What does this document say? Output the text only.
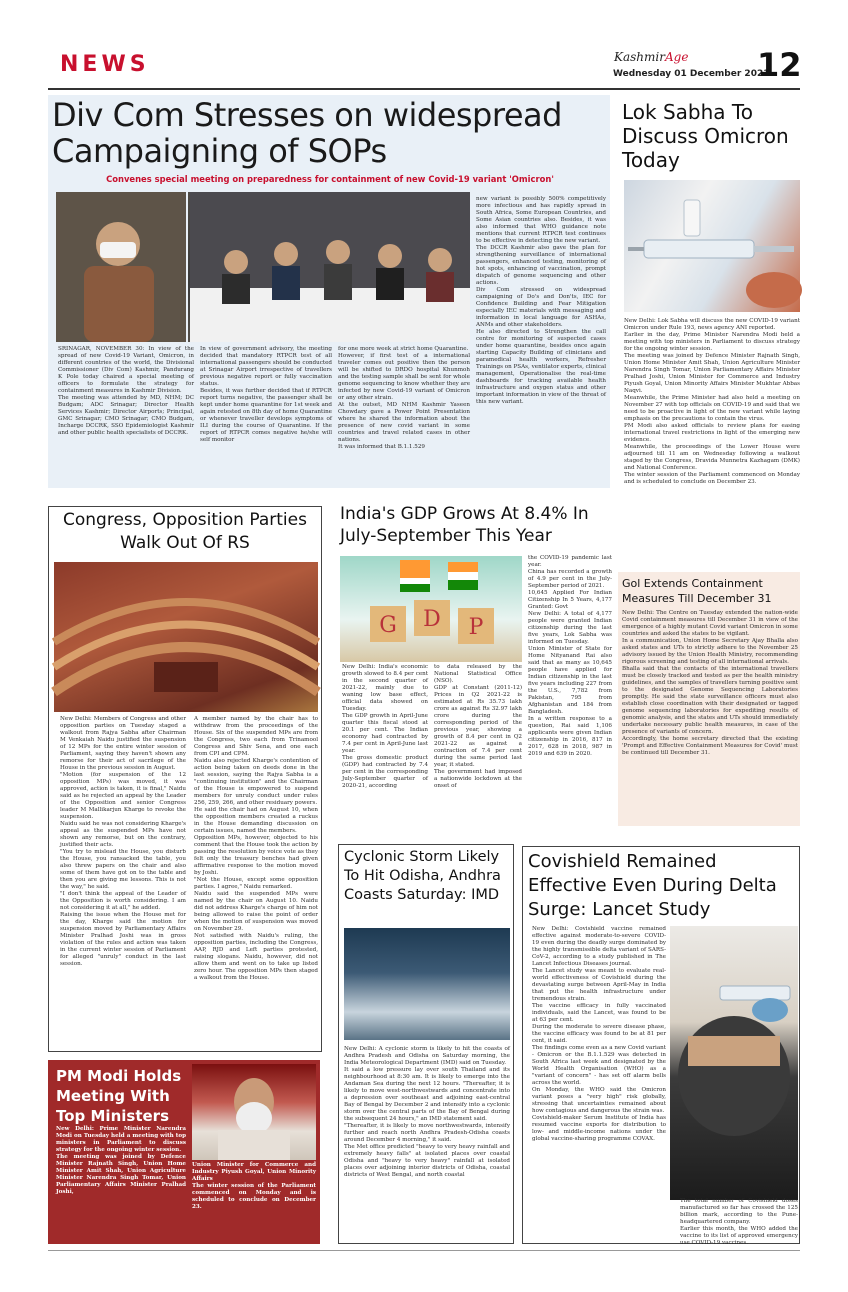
NEWS	KashmirAge
Wednesday 01 December 2021
12
Div Com Stresses on widespread Campaigning of SOPs
Convenes special meeting on preparedness for containment of new Covid-19 variant 'Omicron'
SRINAGAR, NOVEMBER 30: In view of the spread of new Covid-19 Variant, Omicron, in different countries of the world, the Divisional Commissioner (Div Com) Kashmir, Pandurang K Pole today chaired a special meeting of officers to formulate the strategy for containment measures in Kashmir Division.
The meeting was attended by MD, NHM; DC Budgam; ADC Srinagar; Director Health Services Kashmir; Director Airports; Principal, GMC Srinagar; CMO Srinagar; CMO Budgam, Incharge DCCRK, SSO Epidemiologist Kashmir and other public health specialists of DCCRK.
In view of government advisory, the meeting decided that mandatory RTPCR test of all international passengers should be conducted at Srinagar Airport irrespective of travellers previous negative report or fully vaccination status.
Besides, it was further decided that if RTPCR report turns negative, the passenger shall be kept under home quarantine for 1st week and again retested on 8th day of home Quarantine or whenever traveller develops symptoms of ILI during the course of Quarantine. If the report of RTPCR comes negative he/she will self monitor
for one more week at strict home Quarantine.
However, if first test of a international traveler comes out positive then the person will be shifted to DRDO hospital Khunmoh and the testing sample shall be sent for whole genome sequencing to know whether they are infected by new Covid-19 variant of Omicron or any other strain.
At the outset, MD NHM Kashmir Yaseen Chowdary gave a Power Point Presentation where he shared the information about the presence of new covid variant in some countries and travel related cases in other nations.
It was informed that B.1.1.529
new variant is possibly 500% competitively more infectious and has rapidly spread in South Africa, Some European Countries, and Some Asian countries also. Besides, it was also informed that WHO guidance note mentions that current RTPCR test continues to be effective in detecting the new variant.
The DCCR Kashmir also gave the plan for strengthening surveillance of international passengers, enhanced testing, monitoring of hot spots, enhancing of vaccination, prompt dispatch of genome sequencing and other actions.
Div Com stressed on widespread campaigning of Do's and Don'ts, IEC for Confidence Building and Fear Mitigation especially IEC materials with messaging and information in local language for ASHAs, ANMs and other stakeholders.
He also directed to Strengthen the call centre for monitoring of suspected cases under home quarantine, besides once again starting Capacity Building of clinicians and paramedical health workers, Refresher Trainings on PSAs, ventilator experts, clinical management, Operationalise the real-time dashboards for tracking available health infrastructure and oxygen status and other important information in view of the threat of this new variant.
Lok Sabha To Discuss Omicron Today
New Delhi: Lok Sabha will discuss the new COVID-19 variant Omicron under Rule 193, news agency ANI reported.
Earlier in the day, Prime Minister Narendra Modi held a meeting with top ministers in Parliament to discuss strategy for the ongoing winter session.
The meeting was joined by Defence Minister Rajnath Singh, Union Home Minister Amit Shah, Union Agriculture Minister Narendra Singh Tomar, Union Parliamentary Affairs Minister Pralhad Joshi, Union Minister for Commerce and Industry Piyush Goyal, Union Minority Affairs Minister Mukhtar Abbas Naqvi.
Meanwhile, the Prime Minister had also held a meeting on November 27 with top officials on COVID-19 and said that we need to be proactive in light of the new variant while laying emphasis on the precautions to contain the virus.
PM Modi also asked officials to review plans for easing international travel restrictions in light of the emerging new evidence.
Meanwhile, the proceedings of the Lower House were adjourned till 11 am on Wednesday following a walkout staged by the Congress, Dravida Munnetra Kazhagam (DMK) and National Conference.
The winter session of the Parliament commenced on Monday and is scheduled to conclude on December 23.
Congress, Opposition Parties Walk Out Of RS
New Delhi: Members of Congress and other opposition parties on Tuesday staged a walkout from Rajya Sabha after Chairman M Venkaiah Naidu justified the suspension of 12 MPs for the entire winter session of Parliament, saying they haven't shown any remorse for their act of sacrilege of the House in the previous session in August.
"Motion (for suspension of the 12 opposition MPs) was moved, it was approved, action is taken, it is final," Naidu said as he rejected an appeal by the Leader of the Opposition and senior Congress leader M Mallikarjun Kharge to revoke the suspension.
Naidu said he was not considering Kharge's appeal as the suspended MPs have not shown any remorse, but on the contrary, justified their acts.
"You try to mislead the House, you disturb the House, you ransacked the table, you also threw papers on the chair and also some of them have got on to the table and then you are giving me lessons. This is not the way," he said.
"I don't think the appeal of the Leader of the Opposition is worth considering. I am not considering it at all," he added.
Raising the issue when the House met for the day, Kharge said the motion for suspension moved by Parliamentary Affairs Minister Pralhad Joshi was in gross violation of the rules and action was taken in the current winter session of Parliament for alleged "unruly" conduct in the last session.
A member named by the chair has to withdraw from the proceedings of the House. Six of the suspended MPs are from the Congress, two each from Trinamool Congress and Shiv Sena, and one each from CPI and CPM.
Naidu also rejected Kharge's contention of action being taken on deeds done in the last session, saying the Rajya Sabha is a "continuing institution" and the Chairman of the House is empowered to suspend members for unruly conduct under rules 256, 259, 266, and other residuary powers.
He said the chair had on August 10, when the opposition members created a ruckus in the House demanding discussion on certain issues, named the members.
Opposition MPs, however, objected to his comment that the House took the action by passing the resolution by voice vote as they felt only the treasury benches had given affirmative response to the motion moved by Joshi.
"Not the House, except some opposition parties. I agree," Naidu remarked.
Naidu said the suspended MPs were named by the chair on August 10. Naidu did not address Kharge's charge of him not being allowed to raise the point of order when the motion of suspension was moved on November 29.
Not satisfied with Naidu's ruling, the opposition parties, including the Congress, AAP, RJD and Left parties protested, raising slogans. Naidu, however, did not allow them and went on to take up listed zero hour. The opposition MPs then staged a walkout from the House.
India's GDP Grows At 8.4% In July-September This Year
G D P
New Delhi: India's economic growth slowed to 8.4 per cent in the second quarter of 2021-22, mainly due to waning low base effect, official data showed on Tuesday.
The GDP growth in April-June quarter this fiscal stood at 20.1 per cent. The Indian economy had contracted by 7.4 per cent in April-June last year.
The gross domestic product (GDP) had contracted by 7.4 per cent in the corresponding July-September quarter of 2020-21, according
to data released by the National Statistical Office (NSO).
GDP at Constant (2011-12) Prices in Q2 2021-22 is estimated at Rs 35.73 lakh crore as against Rs 32.97 lakh crore during the corresponding period of the previous year, showing a growth of 8.4 per cent in Q2 2021-22 as against a contraction of 7.4 per cent during the same period last year, it stated.
The government had imposed a nationwide lockdown at the onset of
the COVID-19 pandemic last year.
China has recorded a growth of 4.9 per cent in the July-September period of 2021.
10,645 Applied For Indian Citizenship In 5 Years, 4,177 Granted: Govt
New Delhi: A total of 4,177 people were granted Indian citizenship during the last five years, Lok Sabha was informed on Tuesday.
Union Minister of State for Home Nityanand Rai also said that as many as 10,645 people have applied for Indian citizenship in the last five years including 227 from the U.S., 7,782 from Pakistan, 795 from Afghanistan and 184 from Bangladesh.
In a written response to a question, Rai said 1,106 applicants were given Indian citizenship in 2016, 817 in 2017, 628 in 2018, 987 in 2019 and 639 in 2020.
Gol Extends Containment Measures Till December 31
New Delhi: The Centre on Tuesday extended the nation-wide Covid containment measures till December 31 in view of the emergence of a highly mutant Covid variant Omicron in some countries and asked the states to be vigilant.
In a communication, Union Home Secretary Ajay Bhalla also asked states and UTs to strictly adhere to the November 25 advisory issued by the Union Health Ministry, recommending rigorous screening and testing of all international arrivals.
Bhalla said that the contacts of the international travellers must be closely tracked and tested as per the health ministry guidelines, and the samples of travellers turning positive sent to the designated Genome Sequencing Laboratories promptly. He said the state surveillance officers must also establish close coordination with their designated or tagged genome sequencing laboratories for expediting results of genomic analysis, and the states and UTs should immediately undertake necessary public health measures, in case of the presence of variants of concern.
Accordingly, the home secretary directed that the existing 'Prompt and Effective Containment Measures for Covid' must be continued till December 31.
Cyclonic Storm Likely To Hit Odisha, Andhra Coasts Saturday: IMD
New Delhi: A cyclonic storm is likely to hit the coasts of Andhra Pradesh and Odisha on Saturday morning, the India Meteorological Department (IMD) said on Tuesday.
It said a low pressure lay over south Thailand and its neighbourhood at 8:30 am. It is likely to emerge into the Andaman Sea during the next 12 hours. "Thereafter, it is likely to move west-northwestwards and concentrate into a depression over southeast and adjoining east-central Bay of Bengal by December 2 and intensify into a cyclonic storm over the central parts of the Bay of Bengal during the subsequent 24 hours," an IMD statement said.
"Thereafter, it is likely to move northwestwards, intensify further and reach north Andhra Pradesh-Odisha coasts around December 4 morning," it said.
The Met office predicted "heavy to very heavy rainfall and extremely heavy falls" at isolated places over coastal Odisha and "heavy to very heavy" rainfall at isolated places over adjoining interior districts of Odisha, coastal districts of West Bengal, and north coastal
Covishield Remained Effective Even During Delta Surge: Lancet Study
New Delhi: Covishield vaccine remained effective against moderate-to-severe COVID-19 even during the deadly surge dominated by the highly transmissible delta variant of SARS-CoV-2, according to a study published in The Lancet Infectious Diseases journal.
The Lancet study was meant to evaluate real-world effectiveness of Covishield during the devastating surge between April-May in India that put the health infrastructure under tremendous strain.
The vaccine efficacy in fully vaccinated individuals, said the Lancet, was found to be at 63 per cent.
During the moderate to severe disease phase, the vaccine efficacy was found to be at 81 per cent, it said.
The findings come even as a new Covid variant - Omicron or the B.1.1.529 was detected in South Africa last week and designated by the World Health Organisation (WHO) as a "variant of concern" - has set off alarm bells across the world.
On Monday, the WHO said the Omicron variant poses a "very high" risk globally, stressing that uncertainties remained about how contagious and dangerous the strain was.
Covishield-maker Serum Institute of India has resumed vaccine exports for distribution to low- and middle-income nations under the global vaccine-sharing programme COVAX.
The total number of Covishield doses manufactured so far has crossed the 125 billion mark, according to the Pune-headquartered company.
Earlier this month, the WHO added the vaccine to its list of approved emergency use COVID-19 vaccines.
PM Modi Holds Meeting With Top Ministers
New Delhi: Prime Minister Narendra Modi on Tuesday held a meeting with top ministers in Parliament to discuss strategy for the ongoing winter session.
The meeting was joined by Defence Minister Rajnath Singh, Union Home Minister Amit Shah, Union Agriculture Minister Narendra Singh Tomar, Union Parliamentary Affairs Minister Pralhad Joshi,
Union Minister for Commerce and Industry Piyush Goyal, Union Minority Affairs
The winter session of the Parliament commenced on Monday and is scheduled to conclude on December 23.
